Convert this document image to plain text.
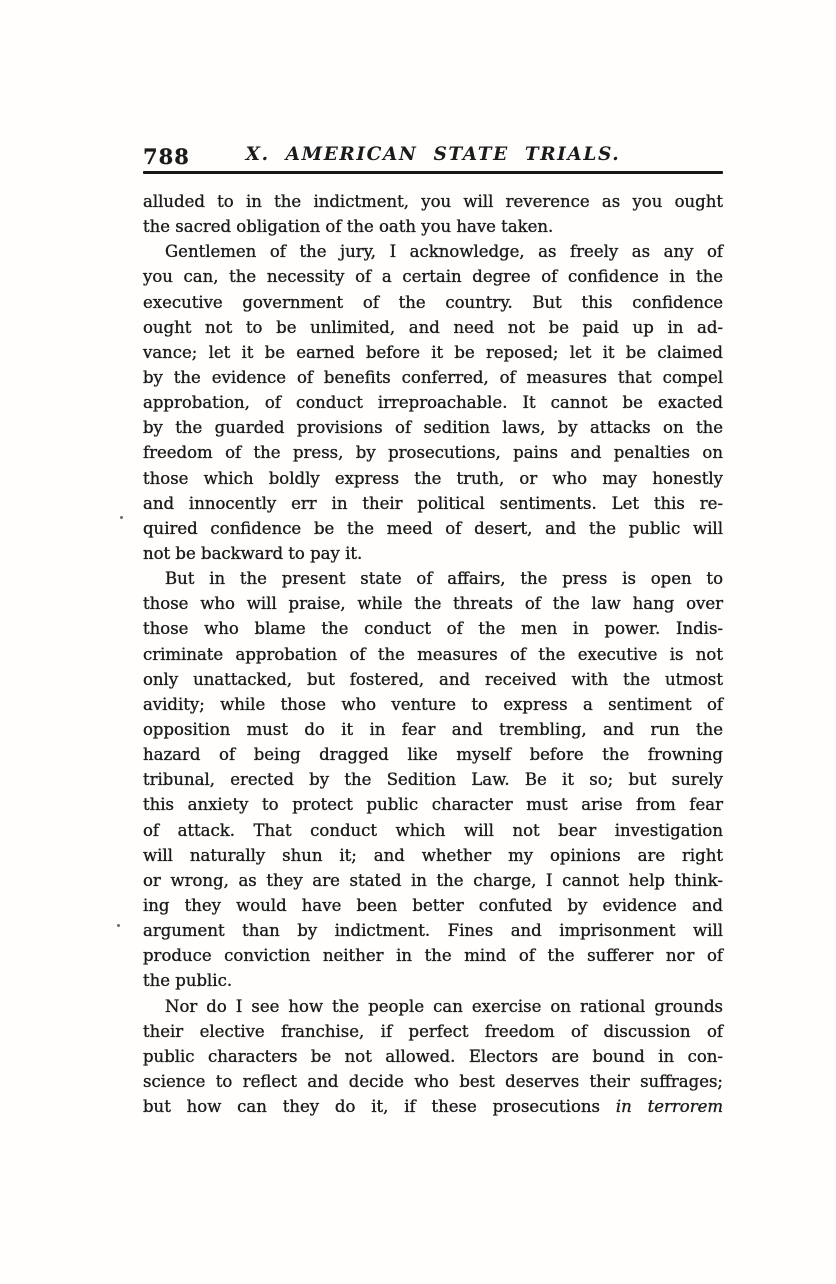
788	X. AMERICAN STATE TRIALS.
alluded to in the indictment, you will reverence as you ought
the sacred obligation of the oath you have taken.
Gentlemen of the jury, I acknowledge, as freely as any of
you can, the necessity of a certain degree of confidence in the
executive government of the country. But this confidence
ought not to be unlimited, and need not be paid up in ad-
vance; let it be earned before it be reposed; let it be claimed
by the evidence of benefits conferred, of measures that compel
approbation, of conduct irreproachable. It cannot be exacted
by the guarded provisions of sedition laws, by attacks on the
freedom of the press, by prosecutions, pains and penalties on
those which boldly express the truth, or who may honestly
and innocently err in their political sentiments. Let this re-
quired confidence be the meed of desert, and the public will
not be backward to pay it.
But in the present state of affairs, the press is open to
those who will praise, while the threats of the law hang over
those who blame the conduct of the men in power. Indis-
criminate approbation of the measures of the executive is not
only unattacked, but fostered, and received with the utmost
avidity; while those who venture to express a sentiment of
opposition must do it in fear and trembling, and run the
hazard of being dragged like myself before the frowning
tribunal, erected by the Sedition Law. Be it so; but surely
this anxiety to protect public character must arise from fear
of attack. That conduct which will not bear investigation
will naturally shun it; and whether my opinions are right
or wrong, as they are stated in the charge, I cannot help think-
ing they would have been better confuted by evidence and
argument than by indictment. Fines and imprisonment will
produce conviction neither in the mind of the sufferer nor of
the public.
Nor do I see how the people can exercise on rational grounds
their elective franchise, if perfect freedom of discussion of
public characters be not allowed. Electors are bound in con-
science to reflect and decide who best deserves their suffrages;
but how can they do it, if these prosecutions in terrorem
